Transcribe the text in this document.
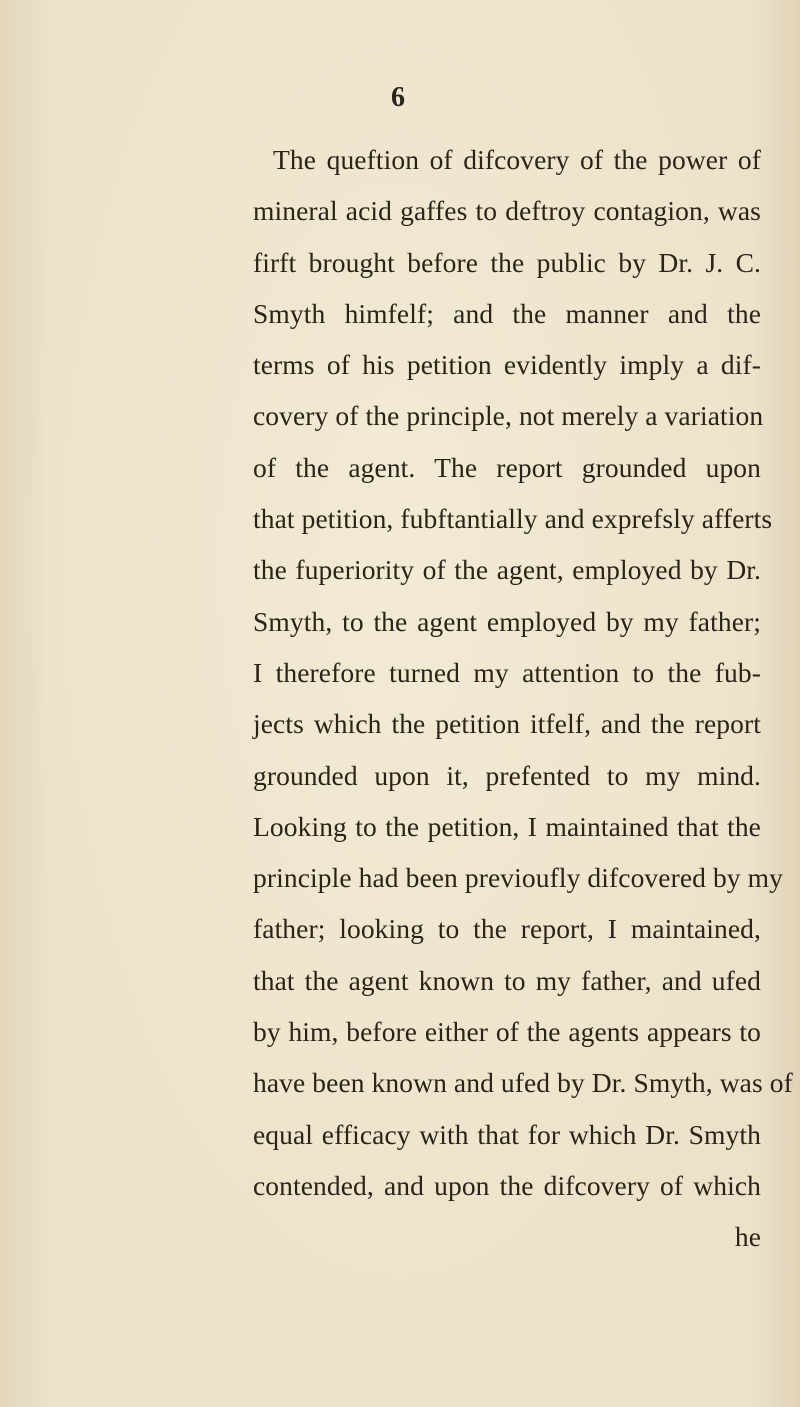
6
The queftion of difcovery of the power of
mineral acid gaffes to deftroy contagion, was
firft brought before the public by Dr. J. C.
Smyth himfelf; and the manner and the
terms of his petition evidently imply a dif-
covery of the principle, not merely a variation
of the agent. The report grounded upon
that petition, fubftantially and exprefsly afferts
the fuperiority of the agent, employed by Dr.
Smyth, to the agent employed by my father;
I therefore turned my attention to the fub-
jects which the petition itfelf, and the report
grounded upon it, prefented to my mind.
Looking to the petition, I maintained that the
principle had been previoufly difcovered by my
father; looking to the report, I maintained,
that the agent known to my father, and ufed
by him, before either of the agents appears to
have been known and ufed by Dr. Smyth, was of
equal efficacy with that for which Dr. Smyth
contended, and upon the difcovery of which
he
